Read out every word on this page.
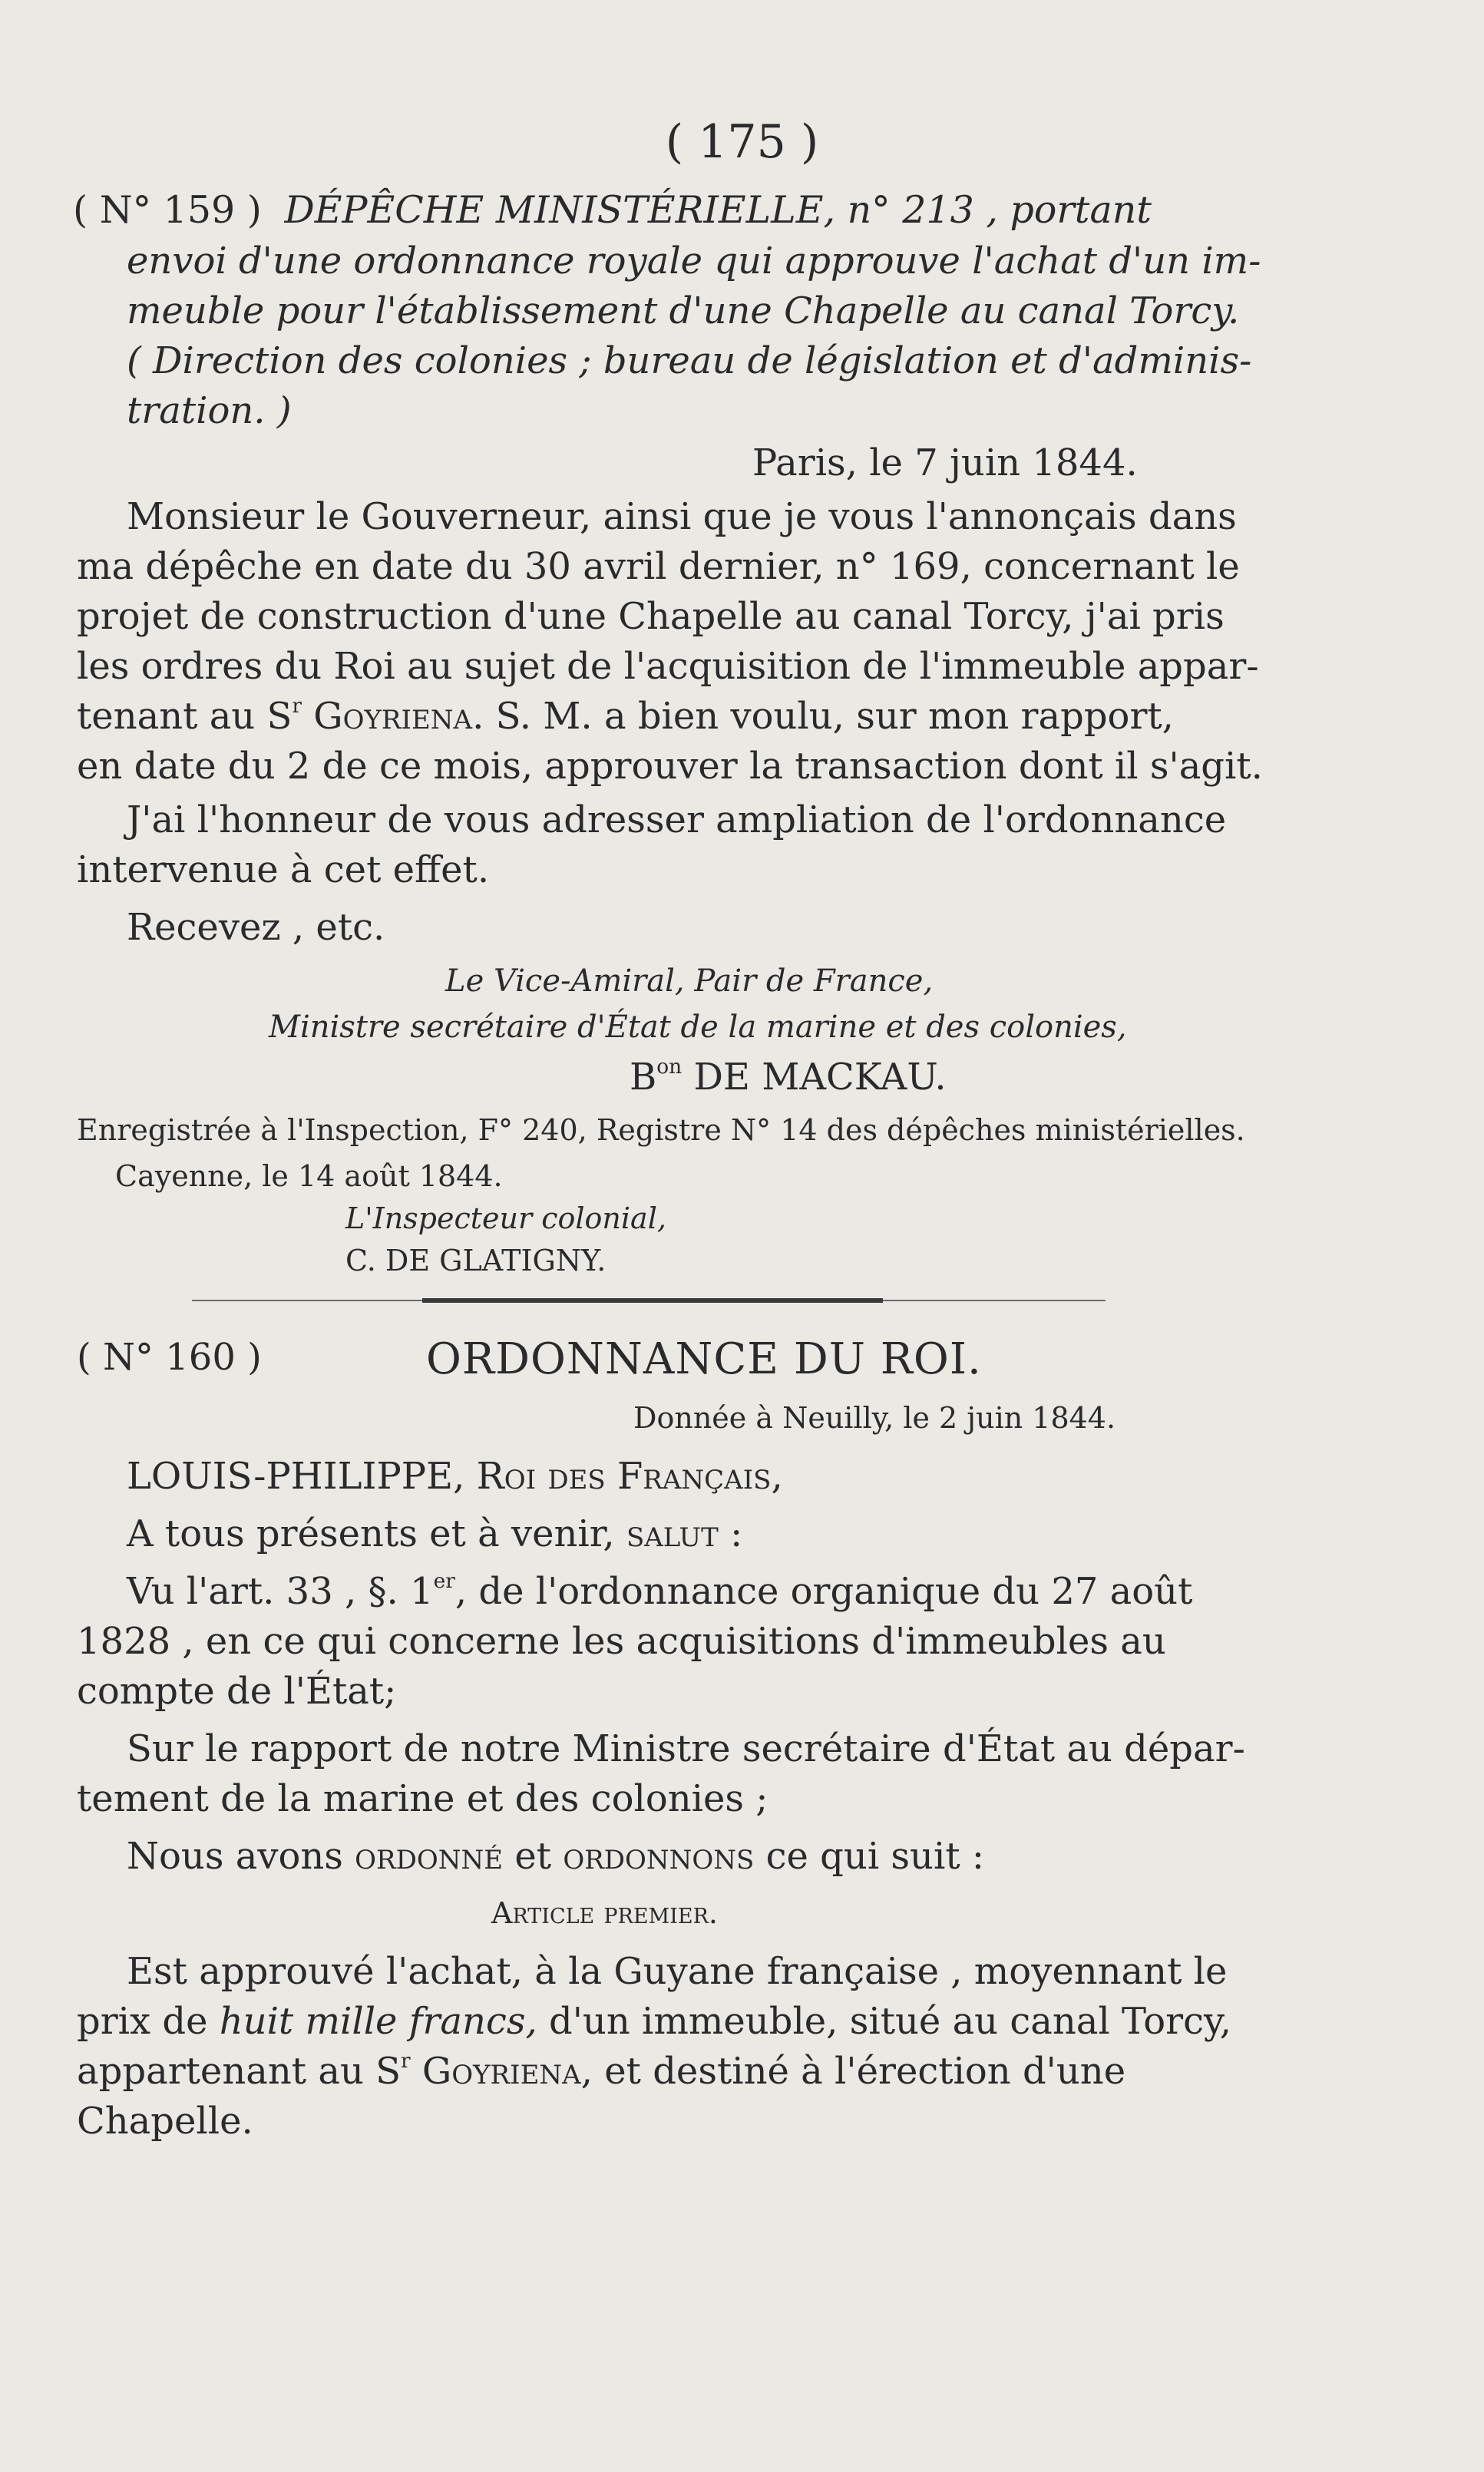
( 175 )
( N° 159 ) DÉPÊCHE MINISTÉRIELLE, n° 213 , portant
envoi d'une ordonnance royale qui approuve l'achat d'un im-
meuble pour l'établissement d'une Chapelle au canal Torcy.
( Direction des colonies ; bureau de législation et d'adminis-
tration. )
Paris, le 7 juin 1844.
Monsieur le Gouverneur, ainsi que je vous l'annonçais dans
ma dépêche en date du 30 avril dernier, n° 169, concernant le
projet de construction d'une Chapelle au canal Torcy, j'ai pris
les ordres du Roi au sujet de l'acquisition de l'immeuble appar-
tenant au $S^r$ Goyriena. S. M. a bien voulu, sur mon rapport,
en date du 2 de ce mois, approuver la transaction dont il s'agit.
J'ai l'honneur de vous adresser ampliation de l'ordonnance
intervenue à cet effet.
Recevez , etc.
Le Vice-Amiral, Pair de France,
Ministre secrétaire d'État de la marine et des colonies,
$B^{on}$ DE MACKAU.
Enregistrée à l'Inspection, F° 240, Registre N° 14 des dépêches ministérielles.
Cayenne, le 14 août 1844.
L'Inspecteur colonial,
C. DE GLATIGNY.
( N° 160 )	ORDONNANCE DU ROI.
Donnée à Neuilly, le 2 juin 1844.
LOUIS-PHILIPPE, Roi des Français,
A tous présents et à venir, salut :
Vu l'art. 33 , §. 1er, de l'ordonnance organique du 27 août
1828 , en ce qui concerne les acquisitions d'immeubles au
compte de l'État;
Sur le rapport de notre Ministre secrétaire d'État au dépar-
tement de la marine et des colonies ;
Nous avons ordonné et ordonnons ce qui suit :
Article premier.
Est approuvé l'achat, à la Guyane française , moyennant le
prix de huit mille francs, d'un immeuble, situé au canal Torcy,
appartenant au $S^r$ Goyriena, et destiné à l'érection d'une
Chapelle.
